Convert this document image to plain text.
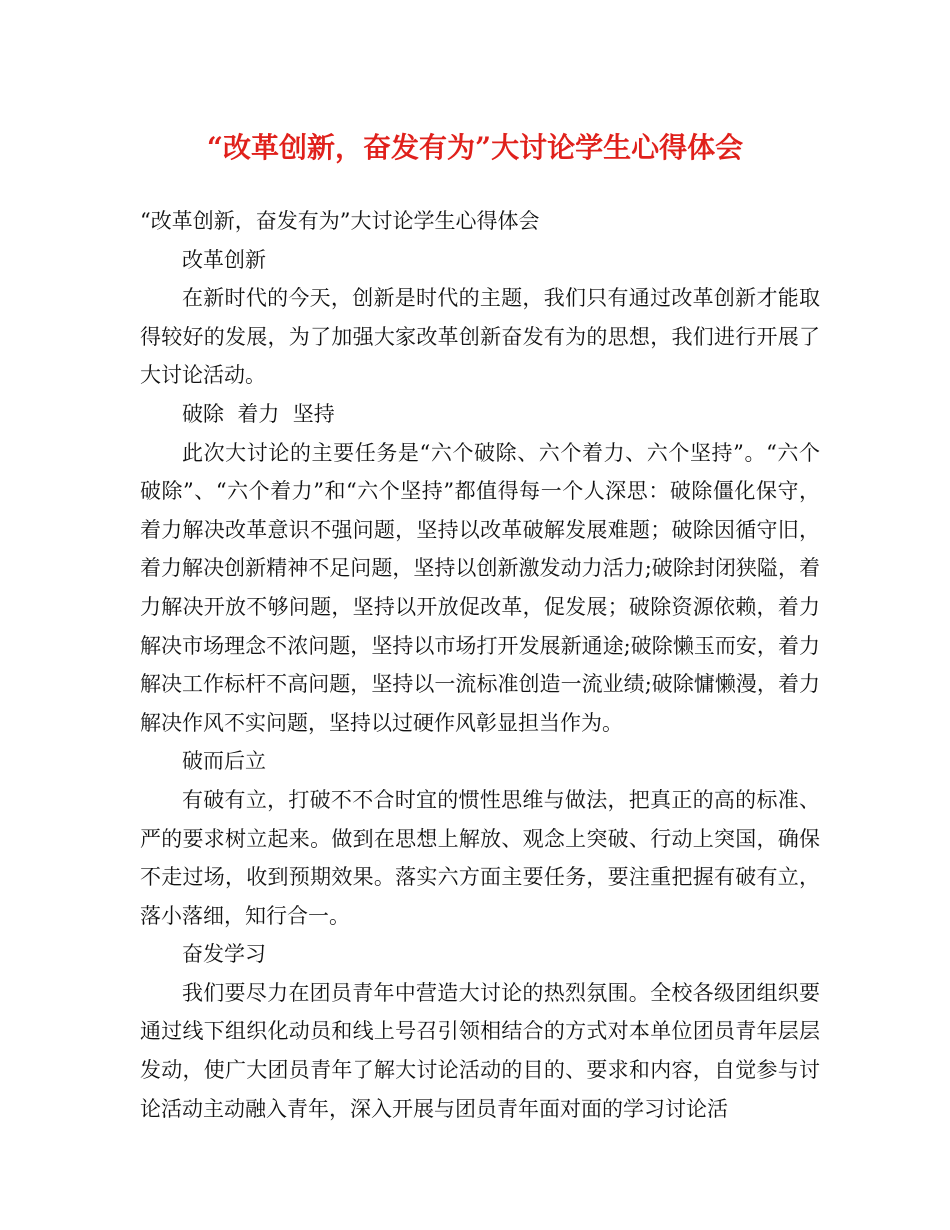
“改革创新，奋发有为”大讨论学生心得体会

“改革创新，奋发有为”大讨论学生心得体会

改革创新

在新时代的今天，创新是时代的主题，我们只有通过改革创新才能取得较好的发展，为了加强大家改革创新奋发有为的思想，我们进行开展了大讨论活动。

破除  着力  坚持

此次大讨论的主要任务是“六个破除、六个着力、六个坚持”。“六个破除”、“六个着力”和“六个坚持”都值得每一个人深思：破除僵化保守，着力解决改革意识不强问题，坚持以改革破解发展难题；破除因循守旧，着力解决创新精神不足问题，坚持以创新激发动力活力;破除封闭狭隘，着力解决开放不够问题，坚持以开放促改革，促发展；破除资源依赖，着力解决市场理念不浓问题，坚持以市场打开发展新通途;破除懒玉而安，着力解决工作标杆不高问题，坚持以一流标准创造一流业绩;破除慵懒漫，着力解决作风不实问题，坚持以过硬作风彰显担当作为。

破而后立

有破有立，打破不不合时宜的惯性思维与做法，把真正的高的标准、严的要求树立起来。做到在思想上解放、观念上突破、行动上突国，确保不走过场，收到预期效果。落实六方面主要任务，要注重把握有破有立，落小落细，知行合一。

奋发学习

我们要尽力在团员青年中营造大讨论的热烈氛围。全校各级团组织要通过线下组织化动员和线上号召引领相结合的方式对本单位团员青年层层发动，使广大团员青年了解大讨论活动的目的、要求和内容，自觉参与讨论活动主动融入青年，深入开展与团员青年面对面的学习讨论活
